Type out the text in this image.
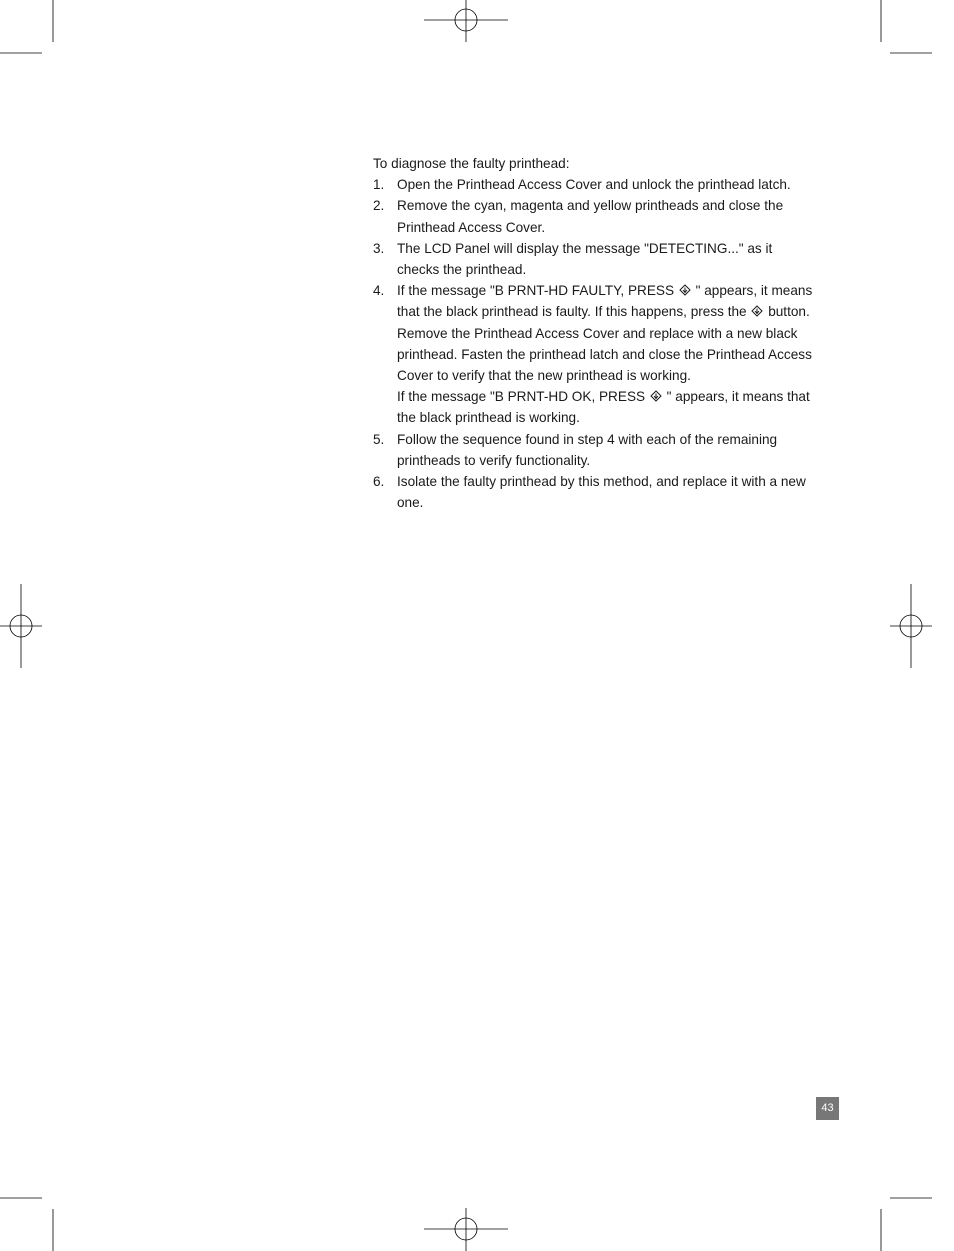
To diagnose the faulty printhead:

1. Open the Printhead Access Cover and unlock the printhead latch.
2. Remove the cyan, magenta and yellow printheads and close the Printhead Access Cover.
3. The LCD Panel will display the message "DETECTING..." as it checks the printhead.
4. If the message "B PRNT-HD FAULTY, PRESS " appears, it means that the black printhead is faulty. If this happens, press the button. Remove the Printhead Access Cover and replace with a new black printhead. Fasten the printhead latch and close the Printhead Access Cover to verify that the new printhead is working.
If the message "B PRNT-HD OK, PRESS " appears, it means that the black printhead is working.
5. Follow the sequence found in step 4 with each of the remaining printheads to verify functionality.
6. Isolate the faulty printhead by this method, and replace it with a new one.
43
